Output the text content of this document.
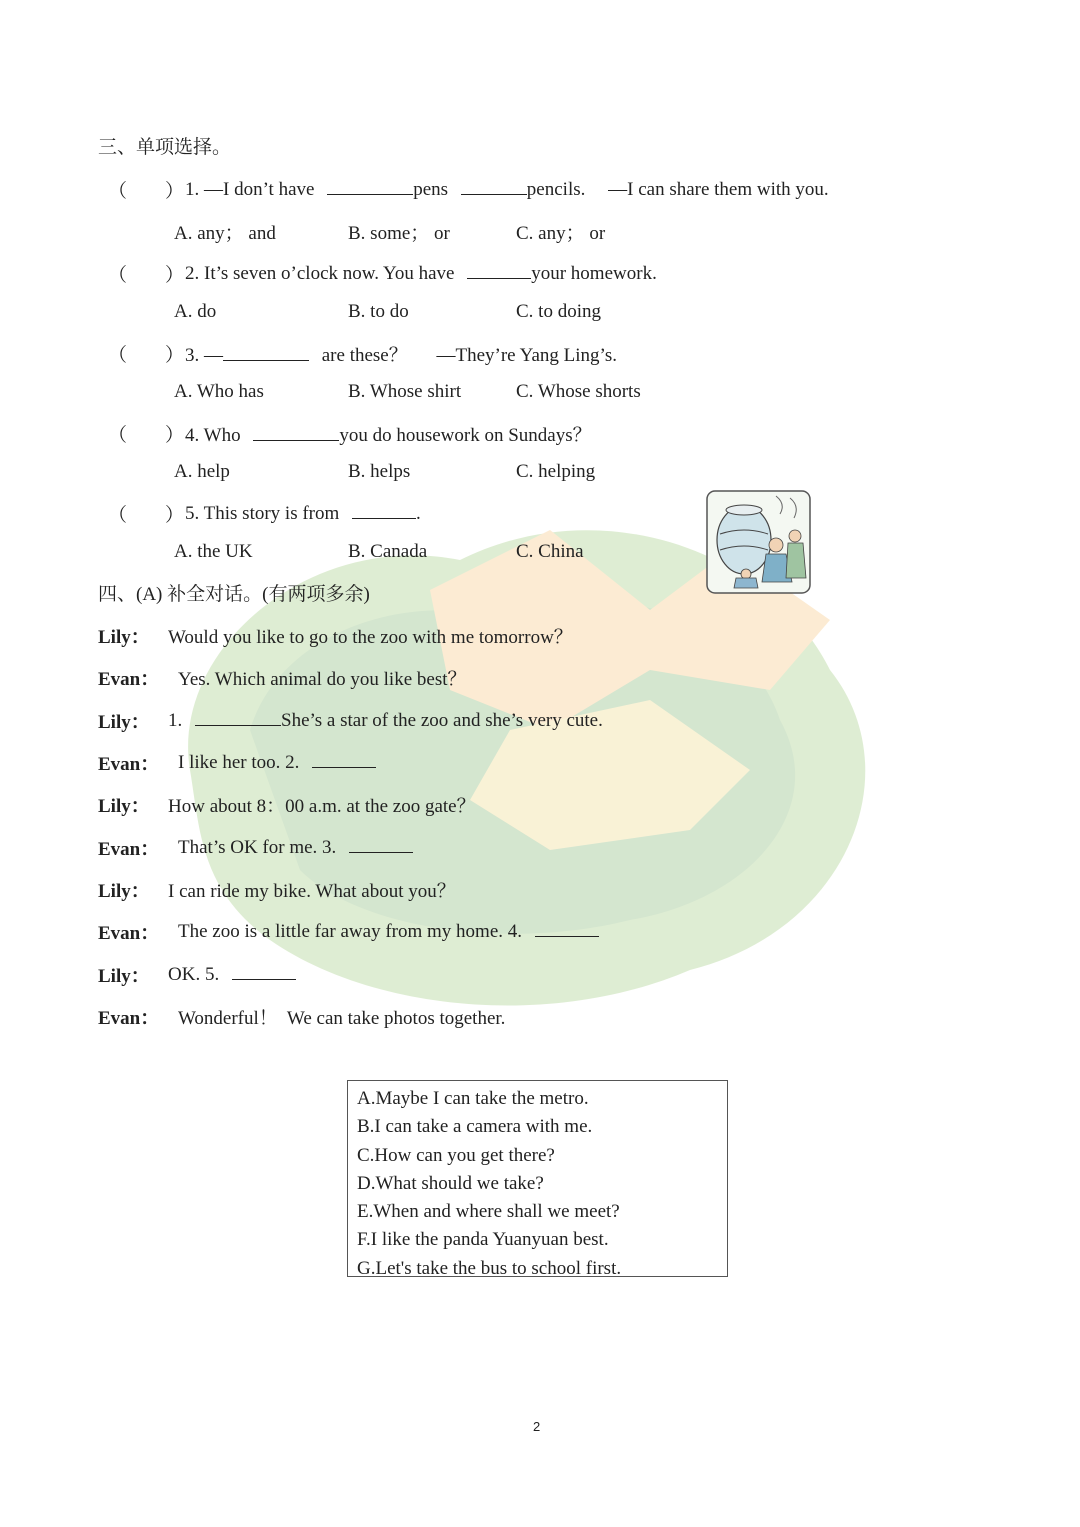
三、单项选择。
（ ） 1. —I don’t have	pens	pencils. —I can share them with you.
A. any； and	B. some； or	C. any； or
（ ） 2. It’s seven o’clock now. You have	your homework.
A. do	B. to do	C. to doing
（ ） 3. —	are these？ —They’re Yang Ling’s.
A. Who has	B. Whose shirt	C. Whose shorts
（ ） 4. Who	you do housework on Sundays？
A. help	B. helps	C. helping
（ ） 5. This story is from	.
A. the UK	B. Canada	C. China
四、(A) 补全对话。(有两项多余)
Lily： Would you like to go to the zoo with me tomorrow？
Evan： Yes. Which animal do you like best？
Lily： 1.	She’s a star of the zoo and she’s very cute.
Evan： I like her too. 2.
Lily： How about 8：00 a.m. at the zoo gate？
Evan： That’s OK for me. 3.
Lily： I can ride my bike. What about you？
Evan： The zoo is a little far away from my home. 4.
Lily： OK. 5.
Evan： Wonderful！  We can take photos together.
A.Maybe I can take the metro.
B.I can take a camera with me.
C.How can you get there?
D.What should we take?
E.When and where shall we meet?
F.I like the panda Yuanyuan best.
G.Let's take the bus to school first.
2
